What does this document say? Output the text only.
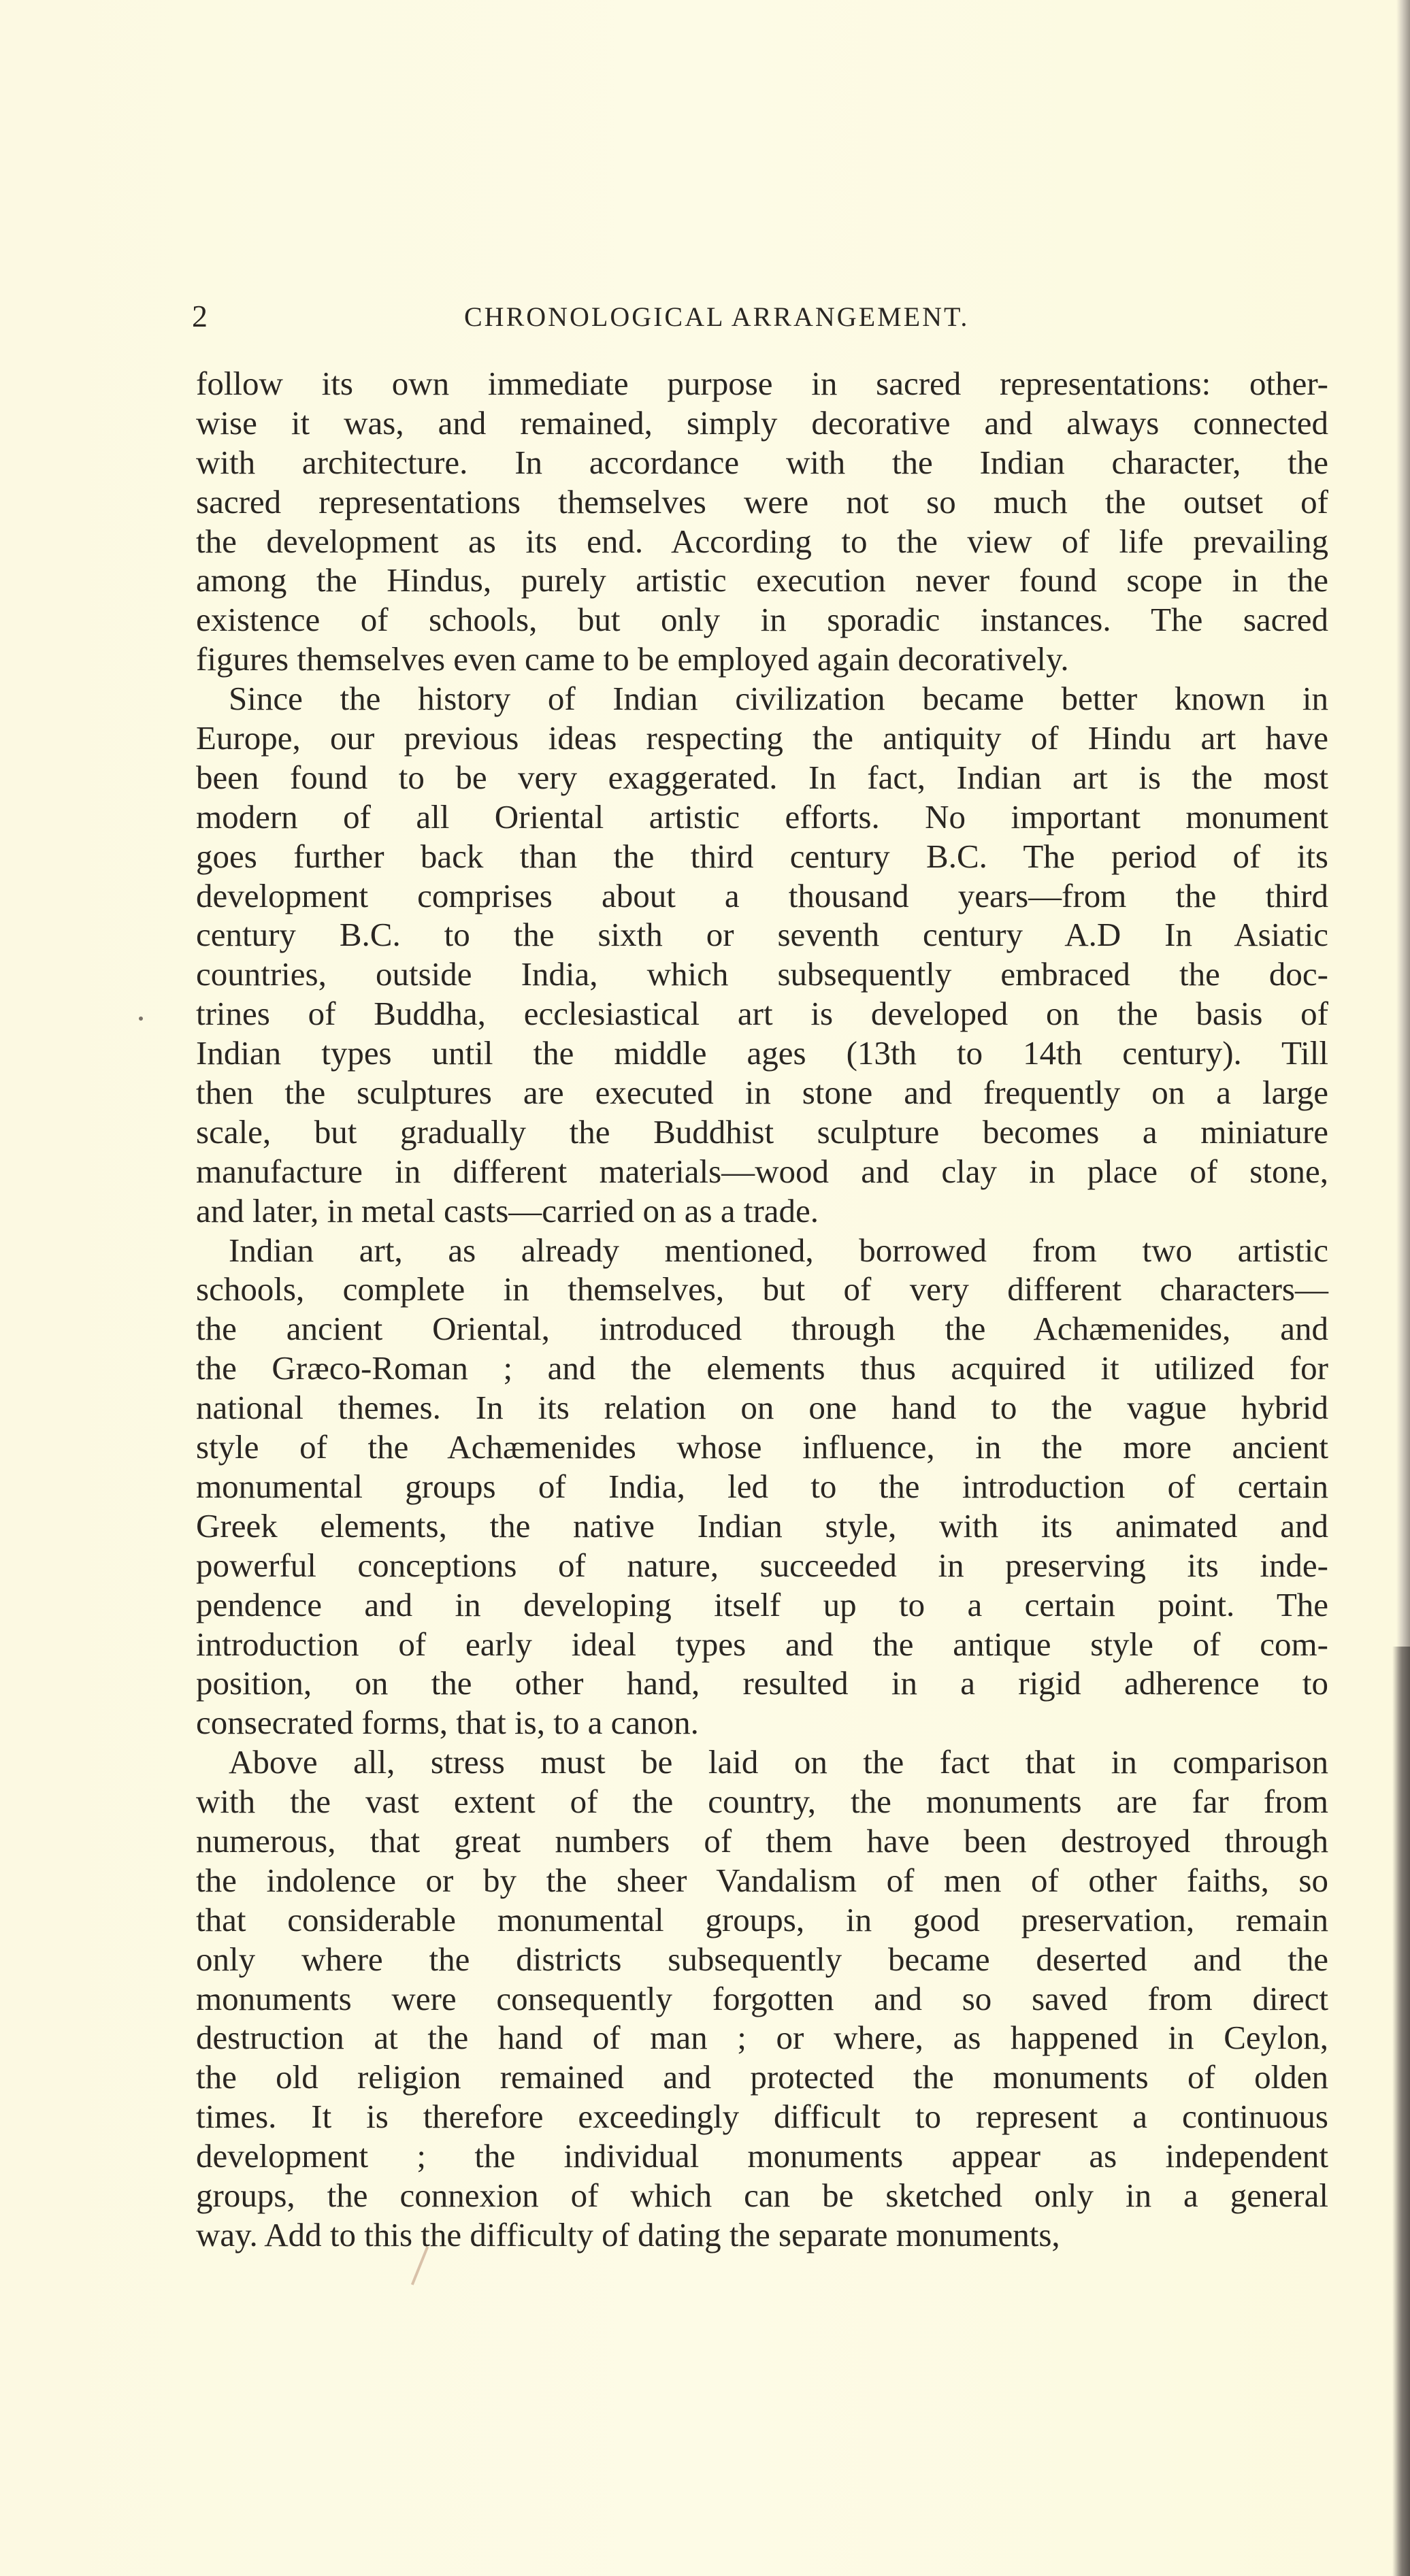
2	CHRONOLOGICAL ARRANGEMENT.
follow its own immediate purpose in sacred representations: other-
wise it was, and remained, simply decorative and always connected
with architecture. In accordance with the Indian character, the
sacred representations themselves were not so much the outset of
the development as its end. According to the view of life prevailing
among the Hindus, purely artistic execution never found scope in the
existence of schools, but only in sporadic instances. The sacred
figures themselves even came to be employed again decoratively.
Since the history of Indian civilization became better known in
Europe, our previous ideas respecting the antiquity of Hindu art have
been found to be very exaggerated. In fact, Indian art is the most
modern of all Oriental artistic efforts. No important monument
goes further back than the third century B.C. The period of its
development comprises about a thousand years—from the third
century B.C. to the sixth or seventh century A.D In Asiatic
countries, outside India, which subsequently embraced the doc-
trines of Buddha, ecclesiastical art is developed on the basis of
Indian types until the middle ages (13th to 14th century). Till
then the sculptures are executed in stone and frequently on a large
scale, but gradually the Buddhist sculpture becomes a miniature
manufacture in different materials—wood and clay in place of stone,
and later, in metal casts—carried on as a trade.
Indian art, as already mentioned, borrowed from two artistic
schools, complete in themselves, but of very different characters—
the ancient Oriental, introduced through the Achæmenides, and
the Græco-Roman ; and the elements thus acquired it utilized for
national themes. In its relation on one hand to the vague hybrid
style of the Achæmenides whose influence, in the more ancient
monumental groups of India, led to the introduction of certain
Greek elements, the native Indian style, with its animated and
powerful conceptions of nature, succeeded in preserving its inde-
pendence and in developing itself up to a certain point. The
introduction of early ideal types and the antique style of com-
position, on the other hand, resulted in a rigid adherence to
consecrated forms, that is, to a canon.
Above all, stress must be laid on the fact that in comparison
with the vast extent of the country, the monuments are far from
numerous, that great numbers of them have been destroyed through
the indolence or by the sheer Vandalism of men of other faiths, so
that considerable monumental groups, in good preservation, remain
only where the districts subsequently became deserted and the
monuments were consequently forgotten and so saved from direct
destruction at the hand of man ; or where, as happened in Ceylon,
the old religion remained and protected the monuments of olden
times. It is therefore exceedingly difficult to represent a continuous
development ; the individual monuments appear as independent
groups, the connexion of which can be sketched only in a general
way. Add to this the difficulty of dating the separate monuments,
